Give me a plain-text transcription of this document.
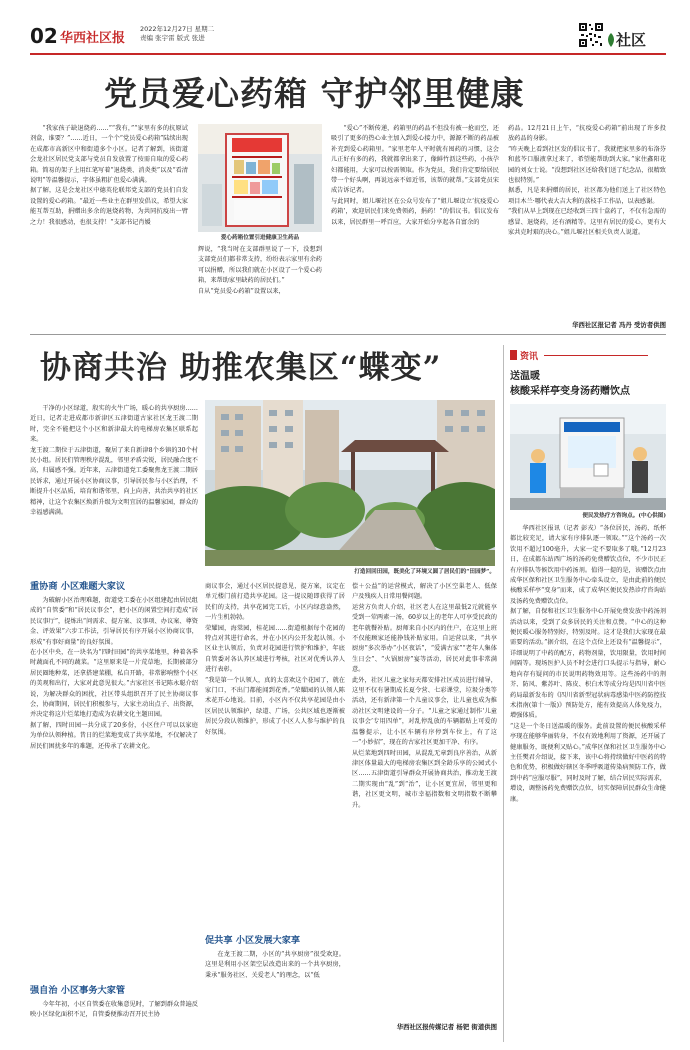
02 华西社区报
2022年12月27日 星期二
责编 张宇雷 版式 张进	社区
党员爱心药箱 守护邻里健康

“我家孩子缺退烧药……”“我有，”“家里有多的抗原试剂盒，谁要？”……近日，一个个“党员爱心药箱”陆续出现在成都市高新区中和街道多个小区。记者了解到，该街道会龙社区居民党支部与党员自发放置了按需自取的爱心药箱。简易的架子上用红笔写着“退烧类、消炎类”以及“看清说明”等温馨提示，字体虽粗扩但爱心满满。
据了解，这是会龙社区中德英伦联邦党支部的党员们自发设置的爱心药箱。“最近一些业主在群里发倡议，希望大家能互帮互助，捐赠出多余的退烧药物，为共同抗疫出一臂之力！我很感动，也很支持！”支部书记肖媛

爱心药箱位置引进健康卫生药品

辉说，“我当时在支部群里说了一下，没想到支部党员们都非常支持，纷纷表示家里有余药可以捐赠，所以我们就在小区设了一个爱心药箱，来帮助家里缺药的居民们。”
自从“党员爱心药箱”设置以来，

“爱心”不断传递，药箱里的药品不但没有被一抢而空，还吸引了更多的热心业主加入到爱心接力中，源源不断的药品被补充到爱心药箱里。“家里老年人平时就有囤药的习惯，这会儿正好有多的药，我就都拿出来了，像鲜竹沥这些药，小孩孕妇都能用，大家可以按需领取。作为党员，我们肯定要给居民带一个好头啊，再说远亲不如近邻，该帮的就帮。”支部党员宋成告诉记者。
与此同时，姐儿堰社区在公众号发布了“姐儿堰设立‘抗疫爱心药箱’，欢迎居民们来免费领药，捐药！”的倡议书。倡议发布以来，居民群里一呼百应，大家开始分享起各自富余的

药品。12月21日上午，“抗疫爱心药箱”前出现了许多投放药品的身影。
“昨天晚上看到社区发的倡议书了，我就把家里多的布洛芬和蓝芩口服液拿过来了，希望能帮助到大家。”家住鑫阳花园的刘女士说。“没想到社区还给我们送了纪念品，很精致也很特别。”
据悉，凡是来捐赠的居民，社区都为他们送上了社区特色项目木兰·哪代表大吉大利的荔枝手工作品，以表感谢。
“我们从早上到现在已经收到三四十盒药了，不仅有急需的感冒、退烧药，还有酒精等。这里有居民的爱心，更有大家共克时艰的决心。”姐儿堰社区相关负责人说道。

华西社区报记者 冯丹 受访者供图
协商共治 助推农集区“蝶变”

干净的小区绿道，殷实的火牛广场，暖心的共享厨房……近日，记者走进成都市新津区五津街道古家社区龙王渡二期时，完全不能把这个小区和新津最大的电梯房农集区联系起来。
龙王渡二期位于五津街道，聚居了来自新津8个乡镇的30个村民小组。居民们管理秩序混乱，邻里矛盾尖锐，居民融合度不高，归属感不强。近年来，五津街道党工委聚焦龙王渡二期居民诉求，通过开展小区协商议事，引导居民参与小区治理，不断提升小区品质，培育和谐邻里，向上向善，共治共享的社区精神，让这个农集区焕新升级为文明宜居的温馨家园，群众的幸福感满满。

打造回回田园，既美化了环境又圆了居民们的“田园梦”。
重协商 小区难题大家议

为破解小区治理难题，街道党工委在小区组建起由居民组成的“自管委”和“居民议事会”，把小区的闲置空间打造成“居民议事厅”，提炼出“问需求、提方案、议事项、办议案、尊资金、评效果”六步工作法，引导居民有序开展小区协商议事，形成“有事好商量”的良好氛围。
在小区中央，在一块名为“四时田园”的共享菜地里，种着各季时蔬面孔不同的蔬菜。“这里原来是一片荒草地，长期被部分居民圈地种菜，还拿搭建菜棚，私自开路，非常影响整个小区的美观和出行，大家对此意见很大。”古家社区书记陈永聪介绍说，为解决群众的困扰，社区带头组织召开了民主协商议事会，协商期间，居民们积极参与，大家主动出点子、出资源，并决定将这片烂菜地打造成为农耕文化主题田园。
据了解，四时田园一共分成了20多份，小区住户可以以家庭为单位认领种植。昔日的烂菜地变成了共享菜地，不仅解决了居民们困扰多年的难题，还传承了农耕文化。

强自治 小区事务大家管

今年年初，小区自管委在收集意见时，了解到群众普遍反映小区绿化面积不足，自管委便推动召开民主协

商议事会，通过小区居民提意见，提方案，议定在单元楼门前打造共享花园。这一提议随即获得了居民们的支持，共享花园完工后，小区内绿意盎然，一片生机勃勃。
荣耀园，海棠园，桂花园……街道根据每个花园的特点对其进行命名，并在小区内公开发起认领。小区业主认领后，负责对花园进行管护和维护，年底自管委对各认养区域进行考核，社区对优秀认养人进行表彰。
“我是第一个认领人，真的太喜欢这个花园了，就在家门口，不出门都能闻到花香。”荣耀园的认领人陈术花开心地说。目前，小区内不仅共享花园是由小区居民认领维护，绿道、广场，公共区域也逐渐被居民分段认领维护，形成了小区人人参与维护的良好氛围。

促共享 小区发展大家享

在龙王渡二期，小区的“共享厨房”很受欢迎。这里是利用小区架空层改造出来的一个共享厨房，秉承“服务社区、关爱老人”的理念，以“低

偿＋公益”的运营模式，解决了小区空巢老人、低保户及残疾人日常用餐问题。
运营方负责人介绍，社区老人在这里最低2元就能享受到一荤两素一汤，60岁以上的老年人可享受民政的老年就餐补贴。厨师来自小区内的住户，在这里上班不仅能顾家还能挣钱补贴家用。自运营以来，“共享厨房”多次举办“小区夜话”，“爱满古家”“老年人集体生日会”、“火锅厨房”宴等活动，居民对此事非常满意。
此外，社区儿童之家每天都安排社区成员进行辅导，这里不仅有暑期成长夏令营、七彩课堂，垃圾分类等活动，还有新津第一个儿童议事会，让儿童也成为推动社区文明建设的一分子。“儿童之家通过制作‘儿童议事会’专用四单”，对乱停乱放的车辆都贴上可爱的温馨提示，让小区车辆有序停到车位上，有了这一“小妙招”，现在的古家社区更加干净、有序。
从烂菜地到四时田园，从混乱无章到良序善治，从新津区体量最大的电梯房农集区到全龄乐享的公园式小区……五津街道引导群众开展协商共治，推动龙王渡二期实现由“乱”到“治”，让小区更宜居，邻里更和谐，社区更文明，城市幸福指数和文明指数不断攀升。

华西社区报传媒记者 杨钯 街道供图
资讯
送温暖
核酸采样亭变身汤药赠饮点
便民发热疗方咨询点。(中心供图)

华西社区报讯（记者 彭戎）“各位居民，汤药、纸杯都比较充足，请大家有序排队逐一领取。”“这个汤药一次饮用不超过100毫升，大家一定不要取多了哦。”12月23日，在成都东站西广场的汤药免费赠饮点位，不少市民正有序排队等候饮用中药汤剂。值得一提的是，该赠饮点由成华区保和社区卫生服务中心牵头设立，是由此前的便民核酸采样亭“变身”而来，成了成华区便民发热诊疗咨询站及汤药免费赠饮点位。
据了解，自保和社区卫生服务中心开展免费发放中药汤剂活动以来，受到了众多居民的关注和点赞。“中心的这种便民暖心服务特别好，特别及时。这才是我们大家现在最需要的活动。”据介绍，在这个点位上还设有“温馨提示”，详细说明了中药的配方，药物剂量，饮用限量，饮用时间间隔等。现场医护人员不时会进行口头提示与指导，耐心地向存有疑问的市民说明药物效用等。这些汤药中的荆芥、防风、紫苏叶、陈皮、枳白术等成分均是四川省中医药局最新发布的《四川省新型冠状病毒感染中医药防控技术指南(第十一版)》预防处方，能有效提高人体免疫力，增强体质。
“这是一个冬日送温暖的服务。此前设置的便民核酸采样亭现在能够华丽转身，不仅有效地利用了资源，还开展了健康服务，既便利又贴心。”成华区保和社区卫生服务中心主任樊君介绍说，接下来，该中心将持续做好中医药的特色和优势，积极做好辖区冬季呼吸道传染病预防工作，做到中药“应服尽服”，同时及时了解，结合居民实际需求，增设，调整汤药免费赠饮点位，切实保障居民群众生命健康。
